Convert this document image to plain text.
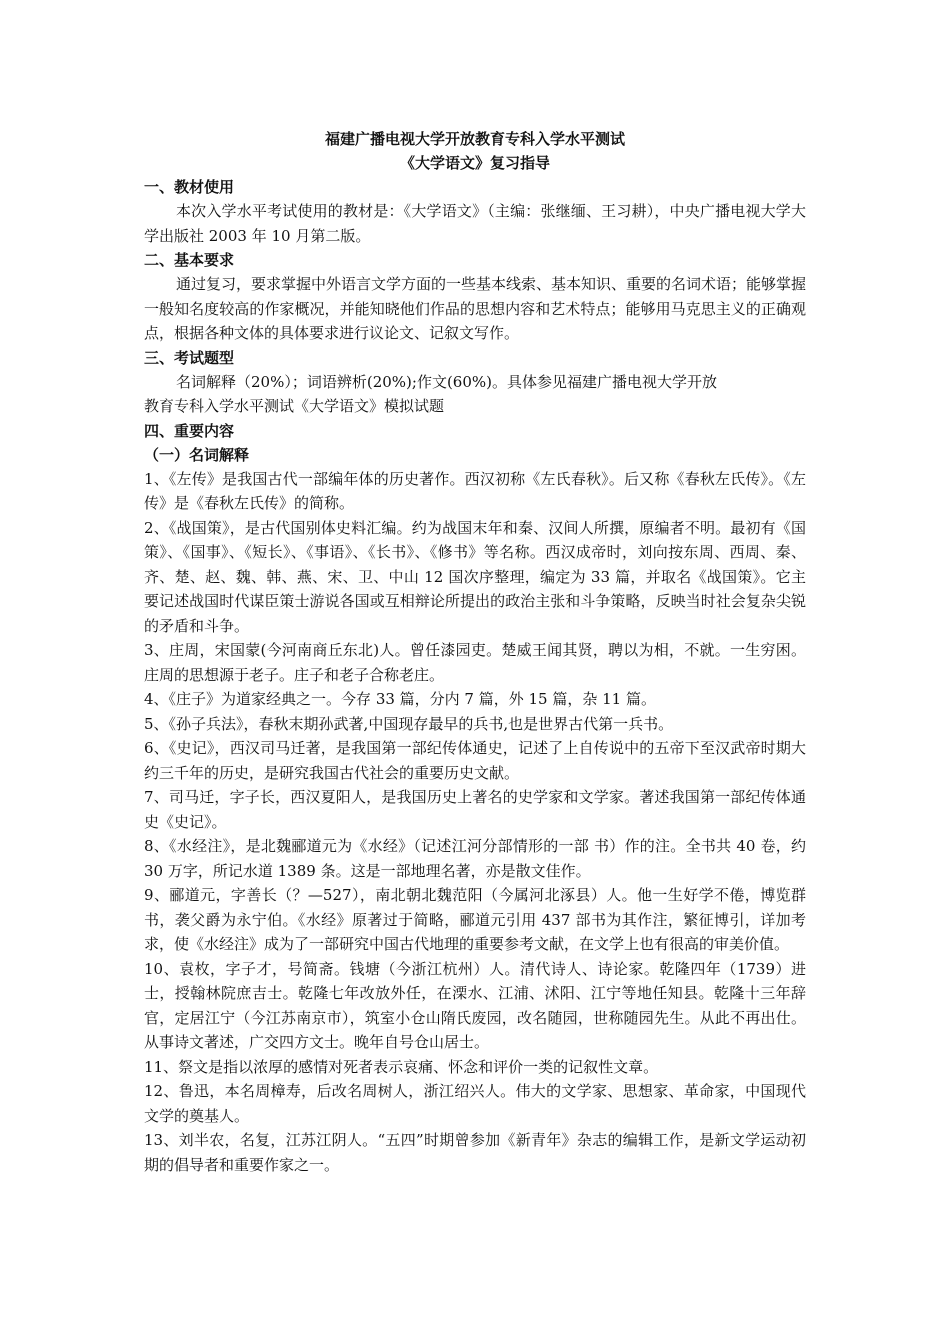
福建广播电视大学开放教育专科入学水平测试

《大学语文》复习指导

一、教材使用

本次入学水平考试使用的教材是：《大学语文》（主编：张继缅、王习耕），中央广播电视大学大学出版社 2003 年 10 月第二版。

二、基本要求

通过复习，要求掌握中外语言文学方面的一些基本线索、基本知识、重要的名词术语；能够掌握一般知名度较高的作家概况，并能知晓他们作品的思想内容和艺术特点；能够用马克思主义的正确观点，根据各种文体的具体要求进行议论文、记叙文写作。

三、考试题型

名词解释（20%）；词语辨析(20%);作文(60%)。具体参见福建广播电视大学开放

教育专科入学水平测试《大学语文》模拟试题

四、重要内容

（一）名词解释

1、《左传》是我国古代一部编年体的历史著作。西汉初称《左氏春秋》。后又称《春秋左氏传》。《左传》是《春秋左氏传》的简称。

2、《战国策》，是古代国别体史料汇编。约为战国末年和秦、汉间人所撰，原编者不明。最初有《国策》、《国事》、《短长》、《事语》、《长书》、《修书》等名称。西汉成帝时，刘向按东周、西周、秦、齐、楚、赵、魏、韩、燕、宋、卫、中山 12 国次序整理，编定为 33 篇，并取名《战国策》。它主要记述战国时代谋臣策士游说各国或互相辩论所提出的政治主张和斗争策略，反映当时社会复杂尖锐的矛盾和斗争。

3、庄周，宋国蒙(今河南商丘东北)人。曾任漆园吏。楚威王闻其贤，聘以为相，不就。一生穷困。庄周的思想源于老子。庄子和老子合称老庄。

4、《庄子》为道家经典之一。今存 33 篇，分内 7 篇，外 15 篇，杂 11 篇。

5、《孙子兵法》，春秋末期孙武著,中国现存最早的兵书,也是世界古代第一兵书。

6、《史记》，西汉司马迁著，是我国第一部纪传体通史，记述了上自传说中的五帝下至汉武帝时期大约三千年的历史，是研究我国古代社会的重要历史文献。

7、司马迁，字子长，西汉夏阳人，是我国历史上著名的史学家和文学家。著述我国第一部纪传体通史《史记》。

8、《水经注》，是北魏郦道元为《水经》（记述江河分部情形的一部 书）作的注。全书共 40 卷，约 30 万字，所记水道 1389 条。这是一部地理名著，亦是散文佳作。

9、郦道元，字善长（？—527），南北朝北魏范阳（今属河北涿县）人。他一生好学不倦，博览群书，袭父爵为永宁伯。《水经》原著过于简略，郦道元引用 437 部书为其作注，繁征博引，详加考求，使《水经注》成为了一部研究中国古代地理的重要参考文献，在文学上也有很高的审美价值。

10、袁枚，字子才，号简斋。钱塘（今浙江杭州）人。清代诗人、诗论家。乾隆四年（1739）进士，授翰林院庶吉士。乾隆七年改放外任，在溧水、江浦、沭阳、江宁等地任知县。乾隆十三年辞官，定居江宁（今江苏南京市），筑室小仓山隋氏废园，改名随园，世称随园先生。从此不再出仕。从事诗文著述，广交四方文士。晚年自号仓山居士。

11、祭文是指以浓厚的感情对死者表示哀痛、怀念和评价一类的记叙性文章。

12、鲁迅，本名周樟寿，后改名周树人，浙江绍兴人。伟大的文学家、思想家、革命家，中国现代文学的奠基人。

13、刘半农，名复，江苏江阴人。“五四”时期曾参加《新青年》杂志的编辑工作，是新文学运动初期的倡导者和重要作家之一。
